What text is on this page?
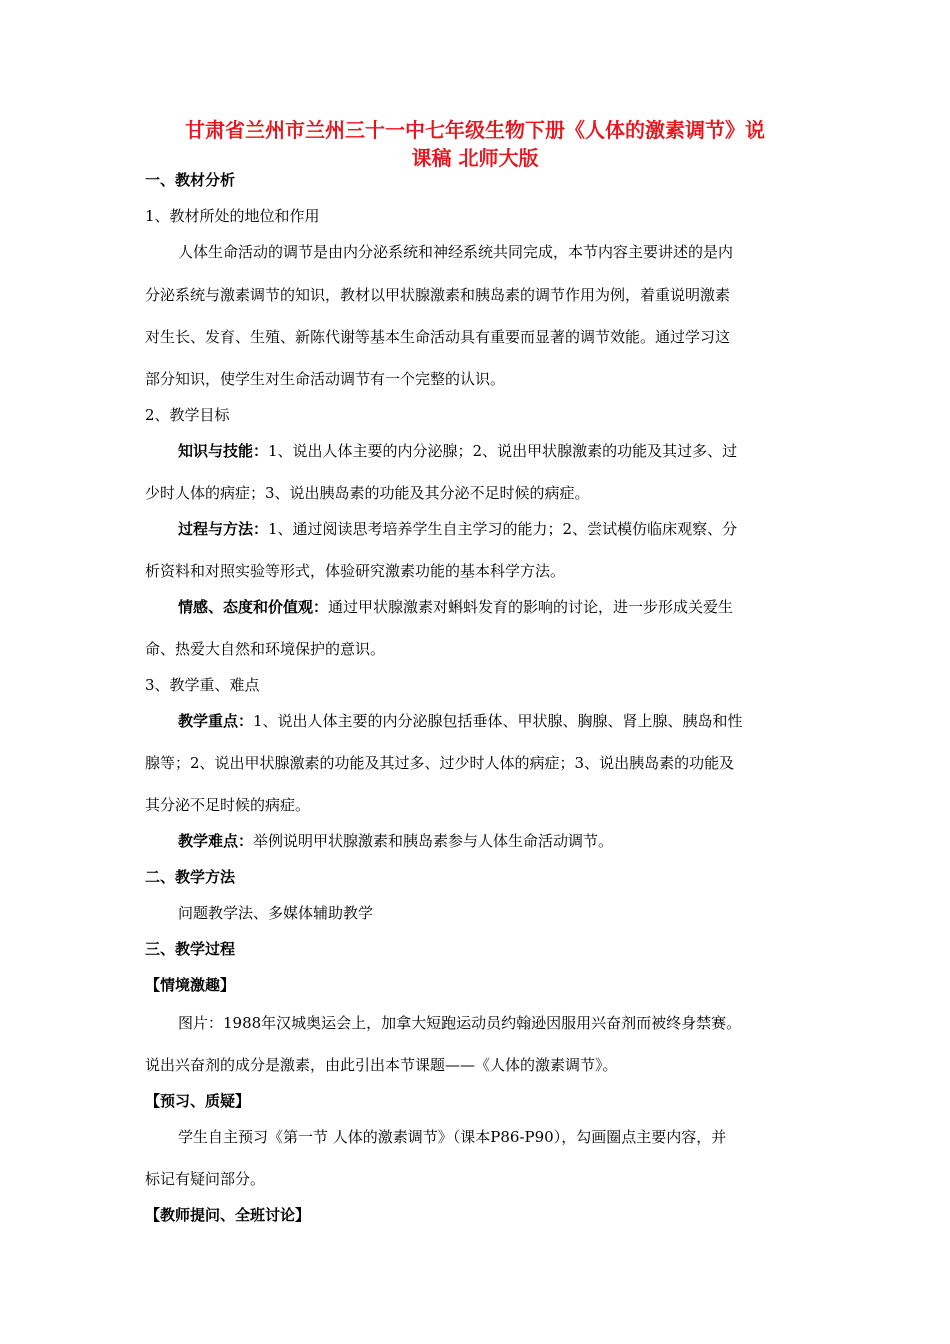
甘肃省兰州市兰州三十一中七年级生物下册《人体的激素调节》说
课稿 北师大版
一、教材分析
1、教材所处的地位和作用
人体生命活动的调节是由内分泌系统和神经系统共同完成，本节内容主要讲述的是内
分泌系统与激素调节的知识，教材以甲状腺激素和胰岛素的调节作用为例，着重说明激素
对生长、发育、生殖、新陈代谢等基本生命活动具有重要而显著的调节效能。通过学习这
部分知识，使学生对生命活动调节有一个完整的认识。
2、教学目标
知识与技能：1、说出人体主要的内分泌腺；2、说出甲状腺激素的功能及其过多、过
少时人体的病症；3、说出胰岛素的功能及其分泌不足时候的病症。
过程与方法：1、通过阅读思考培养学生自主学习的能力；2、尝试模仿临床观察、分
析资料和对照实验等形式，体验研究激素功能的基本科学方法。
情感、态度和价值观：通过甲状腺激素对蝌蚪发育的影响的讨论，进一步形成关爱生
命、热爱大自然和环境保护的意识。
3、教学重、难点
教学重点：1、说出人体主要的内分泌腺包括垂体、甲状腺、胸腺、肾上腺、胰岛和性
腺等；2、说出甲状腺激素的功能及其过多、过少时人体的病症；3、说出胰岛素的功能及
其分泌不足时候的病症。
教学难点：举例说明甲状腺激素和胰岛素参与人体生命活动调节。
二、教学方法
问题教学法、多媒体辅助教学
三、教学过程
【情境激趣】
图片：1988年汉城奥运会上，加拿大短跑运动员约翰逊因服用兴奋剂而被终身禁赛。
说出兴奋剂的成分是激素，由此引出本节课题——《人体的激素调节》。
【预习、质疑】
学生自主预习《第一节 人体的激素调节》（课本P86-P90），勾画圈点主要内容，并
标记有疑问部分。
【教师提问、全班讨论】
